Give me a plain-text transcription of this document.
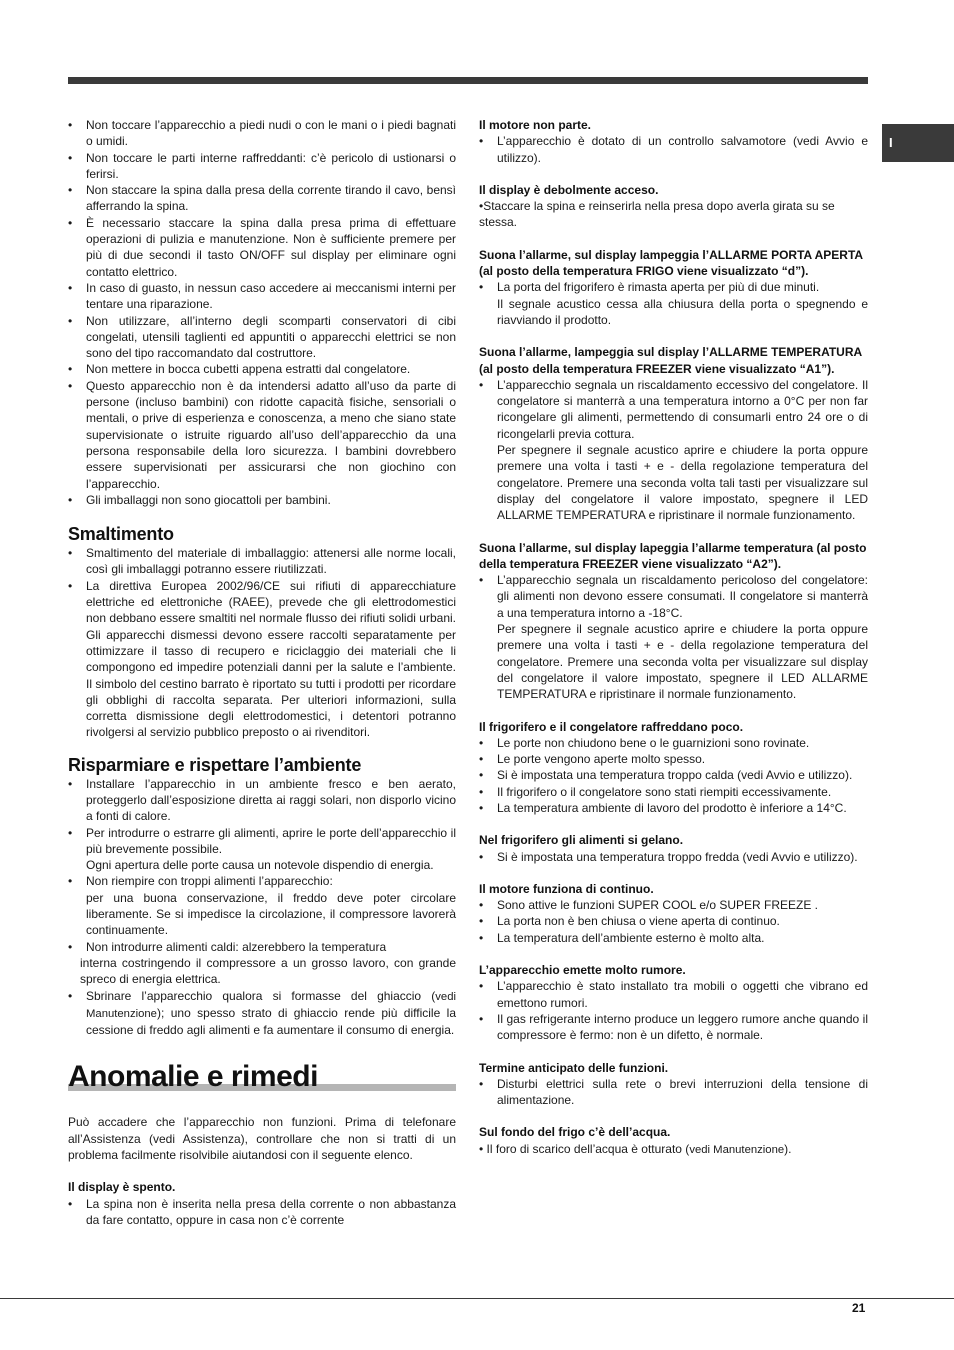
I
• Non toccare l’apparecchio a piedi nudi o con le mani o i piedi bagnati o umidi.
• Non toccare le parti interne raffreddanti: c’è pericolo di ustionarsi o ferirsi.
• Non staccare la spina dalla presa della corrente tirando il cavo, bensì afferrando la spina.
• È necessario staccare la spina dalla presa prima di effettuare operazioni di pulizia e manutenzione. Non è sufficiente premere per più di due secondi il tasto ON/OFF sul display per eliminare ogni contatto elettrico.
• In caso di guasto, in nessun caso accedere ai meccanismi interni per tentare una riparazione.
• Non utilizzare, all’interno degli scomparti conservatori di cibi congelati, utensili taglienti ed appuntiti o apparecchi elettrici se non sono del tipo raccomandato dal costruttore.
• Non mettere in bocca cubetti appena estratti dal congelatore.
• Questo apparecchio non è da intendersi adatto all’uso da parte di persone (incluso bambini) con ridotte capacità fisiche, sensoriali o mentali, o prive di esperienza e conoscenza, a meno che siano state supervisionate o istruite riguardo all’uso dell’apparecchio da una persona responsabile della loro sicurezza. I bambini dovrebbero essere supervisionati per assicurarsi che non giochino con l’apparecchio.
• Gli imballaggi non sono giocattoli per bambini.
Smaltimento
• Smaltimento del materiale di imballaggio: attenersi alle norme locali, così gli imballaggi potranno essere riutilizzati.
• La direttiva Europea 2002/96/CE sui rifiuti di apparecchiature elettriche ed elettroniche (RAEE), prevede che gli elettrodomestici non debbano essere smaltiti nel normale flusso dei rifiuti solidi urbani. Gli apparecchi dismessi devono essere raccolti separatamente per ottimizzare il tasso di recupero e riciclaggio dei materiali che li compongono ed impedire potenziali danni per la salute e l’ambiente. Il simbolo del cestino barrato è riportato su tutti i prodotti per ricordare gli obblighi di raccolta separata. Per ulteriori informazioni, sulla corretta dismissione degli elettrodomestici, i detentori potranno rivolgersi al servizio pubblico preposto o ai rivenditori.
Risparmiare e rispettare l’ambiente
• Installare l’apparecchio in un ambiente fresco e ben aerato, proteggerlo dall’esposizione diretta ai raggi solari, non disporlo vicino a fonti di calore.
• Per introdurre o estrarre gli alimenti, aprire le porte dell’apparecchio il più brevemente possibile.
Ogni apertura delle porte causa un notevole dispendio di energia.
• Non riempire con troppi alimenti l’apparecchio:
per una buona conservazione, il freddo deve poter circolare liberamente. Se si impedisce la circolazione, il compressore lavorerà continuamente.
• Non introdurre alimenti caldi: alzerebbero la temperatura
interna costringendo il compressore a un grosso lavoro, con grande spreco di energia elettrica.
• Sbrinare l’apparecchio qualora si formasse del ghiaccio (vedi Manutenzione); uno spesso strato di ghiaccio rende più difficile la cessione di freddo agli alimenti e fa aumentare il consumo di energia.
Anomalie e rimedi

Può accadere che l’apparecchio non funzioni. Prima di telefonare all’Assistenza (vedi Assistenza), controllare che non si tratti di un problema facilmente risolvibile aiutandosi con il seguente elenco.

Il display è spento.
• La spina non è inserita nella presa della corrente o non abbastanza da fare contatto, oppure in casa non c’è corrente
Il motore non parte.
• L’apparecchio è dotato di un controllo salvamotore (vedi Avvio e utilizzo).
Il display è debolmente acceso.
•Staccare la spina e reinserirla nella presa dopo averla girata su se stessa.
Suona l’allarme, sul display lampeggia l’ALLARME PORTA APERTA (al posto della temperatura FRIGO viene visualizzato “d”).
• La porta del frigorifero è rimasta aperta per più di due minuti.
Il segnale acustico cessa alla chiusura della porta o spegnendo e riavviando il prodotto.
Suona l’allarme, lampeggia sul display l’ALLARME TEMPERATURA (al posto della temperatura FREEZER viene visualizzato “A1”).
• L’apparecchio segnala un riscaldamento eccessivo del congelatore. Il congelatore si manterrà a una temperatura intorno a 0°C per non far ricongelare gli alimenti, permettendo di consumarli entro 24 ore o di ricongelarli previa cottura.
Per spegnere il segnale acustico aprire e chiudere la porta oppure premere una volta i tasti + e - della regolazione temperatura del congelatore. Premere una seconda volta tali tasti per visualizzare sul display del congelatore il valore impostato, spegnere il LED ALLARME TEMPERATURA e ripristinare il normale funzionamento.
Suona l’allarme, sul display lapeggia l’allarme temperatura (al posto della temperatura FREEZER viene visualizzato “A2”).
• L’apparecchio segnala un riscaldamento pericoloso del congelatore: gli alimenti non devono essere consumati. Il congelatore si manterrà a una temperatura intorno a -18°C.
Per spegnere il segnale acustico aprire e chiudere la porta oppure premere una volta i tasti + e - della regolazione temperatura del congelatore. Premere una seconda volta per visualizzare sul display del congelatore il valore impostato, spegnere il LED ALLARME TEMPERATURA e ripristinare il normale funzionamento.
Il frigorifero e il congelatore raffreddano poco.
• Le porte non chiudono bene o le guarnizioni sono rovinate.
• Le porte vengono aperte molto spesso.
• Si è impostata una temperatura troppo calda (vedi Avvio e utilizzo).
• Il frigorifero o il congelatore sono stati riempiti eccessivamente.
• La temperatura ambiente di lavoro del prodotto è inferiore a 14°C.
Nel frigorifero gli alimenti si gelano.
• Si è impostata una temperatura troppo fredda (vedi Avvio e utilizzo).
Il motore funziona di continuo.
• Sono attive le funzioni SUPER COOL e/o SUPER FREEZE .
• La porta non è ben chiusa o viene aperta di continuo.
• La temperatura dell’ambiente esterno è molto alta.
L’apparecchio emette molto rumore.
• L’apparecchio è stato installato tra mobili o oggetti che vibrano ed emettono rumori.
• Il gas refrigerante interno produce un leggero rumore anche quando il compressore è fermo: non è un difetto, è normale.
Termine anticipato delle funzioni.
• Disturbi elettrici sulla rete o brevi interruzioni della tensione di alimentazione.
Sul fondo del frigo c’è dell’acqua.
• Il foro di scarico dell’acqua è otturato (vedi Manutenzione).
21
